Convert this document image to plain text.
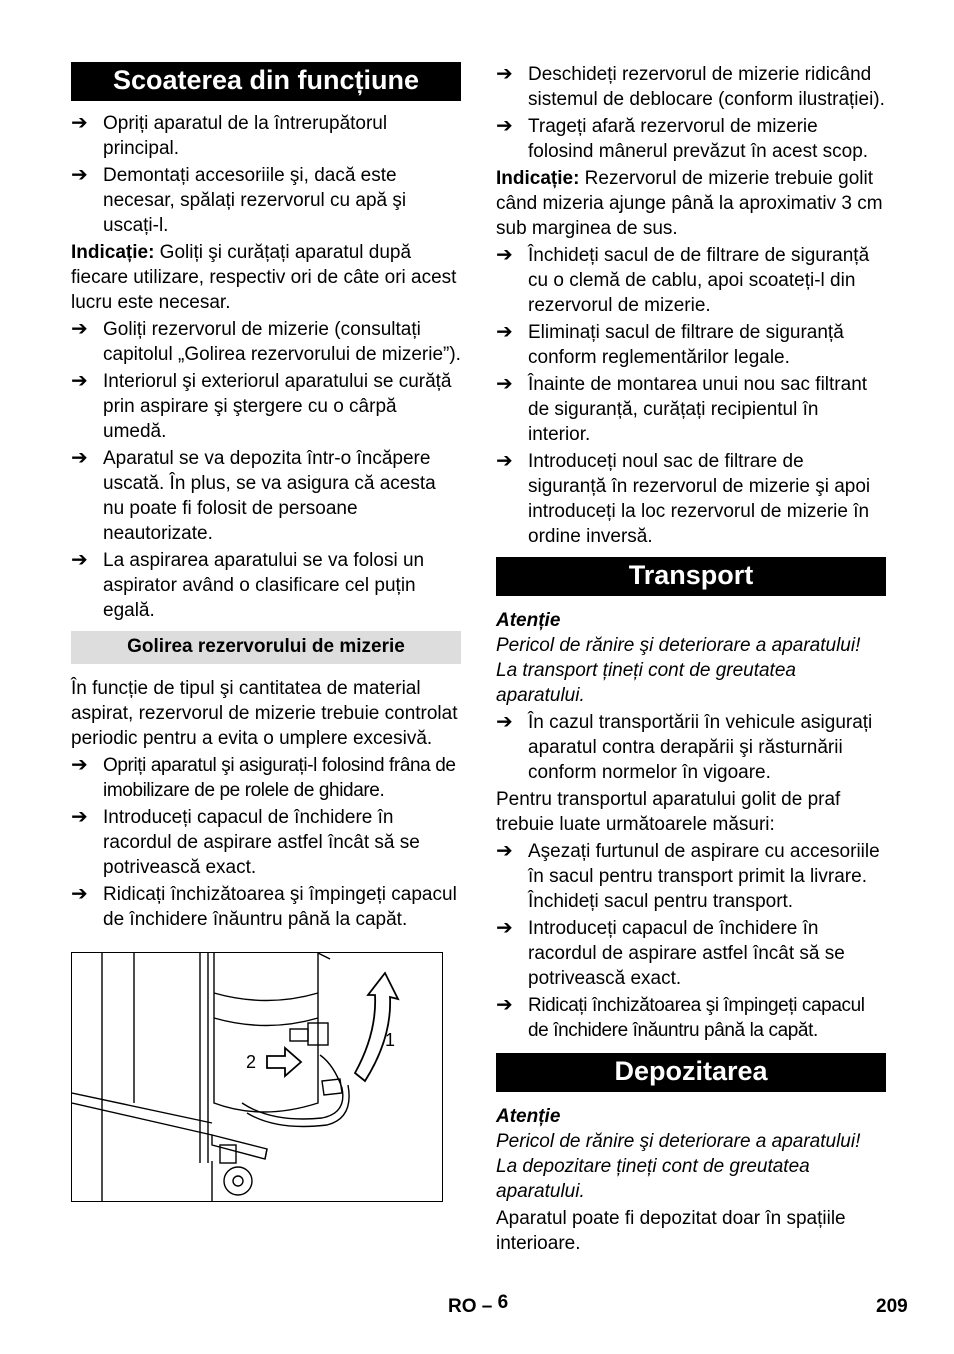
Scoaterea din funcțiune
➔ Opriți aparatul de la întrerupătorul principal.
➔ Demontați accesoriile şi, dacă este necesar, spălați rezervorul cu apă şi uscați-l.

Indicație: Goliți şi curățați aparatul după fiecare utilizare, respectiv ori de câte ori acest lucru este necesar.

➔ Goliți rezervorul de mizerie (consultați capitolul „Golirea rezervorului de mizerie”).
➔ Interiorul şi exteriorul aparatului se curăță prin aspirare şi ştergere cu o cârpă umedă.
➔ Aparatul se va depozita într-o încăpere uscată. În plus, se va asigura că acesta nu poate fi folosit de persoane neautorizate.
➔ La aspirarea aparatului se va folosi un aspirator având o clasificare cel puțin egală.
Golirea rezervorului de mizerie

În funcție de tipul şi cantitatea de material aspirat, rezervorul de mizerie trebuie controlat periodic pentru a evita o umplere excesivă.

➔ Opriți aparatul şi asigurați-l folosind frâna de imobilizare de pe rolele de ghidare.
➔ Introduceți capacul de închidere în racordul de aspirare astfel încât să se potrivească exact.
➔ Ridicați închizătoarea şi împingeți capacul de închidere înăuntru până la capăt.
2
1
➔ Deschideți rezervorul de mizerie ridicând sistemul de deblocare (conform ilustrației).
➔ Trageți afară rezervorul de mizerie folosind mânerul prevăzut în acest scop.

Indicație: Rezervorul de mizerie trebuie golit când mizeria ajunge până la aproximativ 3 cm sub marginea de sus.

➔ Închideți sacul de de filtrare de siguranță cu o clemă de cablu, apoi scoateți-l din rezervorul de mizerie.
➔ Eliminați sacul de filtrare de siguranță conform reglementărilor legale.
➔ Înainte de montarea unui nou sac filtrant de siguranță, curățați recipientul în interior.
➔ Introduceți noul sac de filtrare de siguranță în rezervorul de mizerie şi apoi introduceți la loc rezervorul de mizerie în ordine inversă.
Transport
Atenție

Pericol de rănire şi deteriorare a aparatului! La transport țineți cont de greutatea aparatului.

➔ În cazul transportării în vehicule asigurați aparatul contra derapării şi răsturnării conform normelor în vigoare.

Pentru transportul aparatului golit de praf trebuie luate următoarele măsuri:

➔ Aşezați furtunul de aspirare cu accesoriile în sacul pentru transport primit la livrare. Închideți sacul pentru transport.
➔ Introduceți capacul de închidere în racordul de aspirare astfel încât să se potrivească exact.
➔ Ridicați închizătoarea şi împingeți capacul de închidere înăuntru până la capăt.
Depozitarea
Atenție

Pericol de rănire şi deteriorare a aparatului! La depozitare țineți cont de greutatea aparatului.

Aparatul poate fi depozitat doar în spațiile interioare.

RO – 6	209
